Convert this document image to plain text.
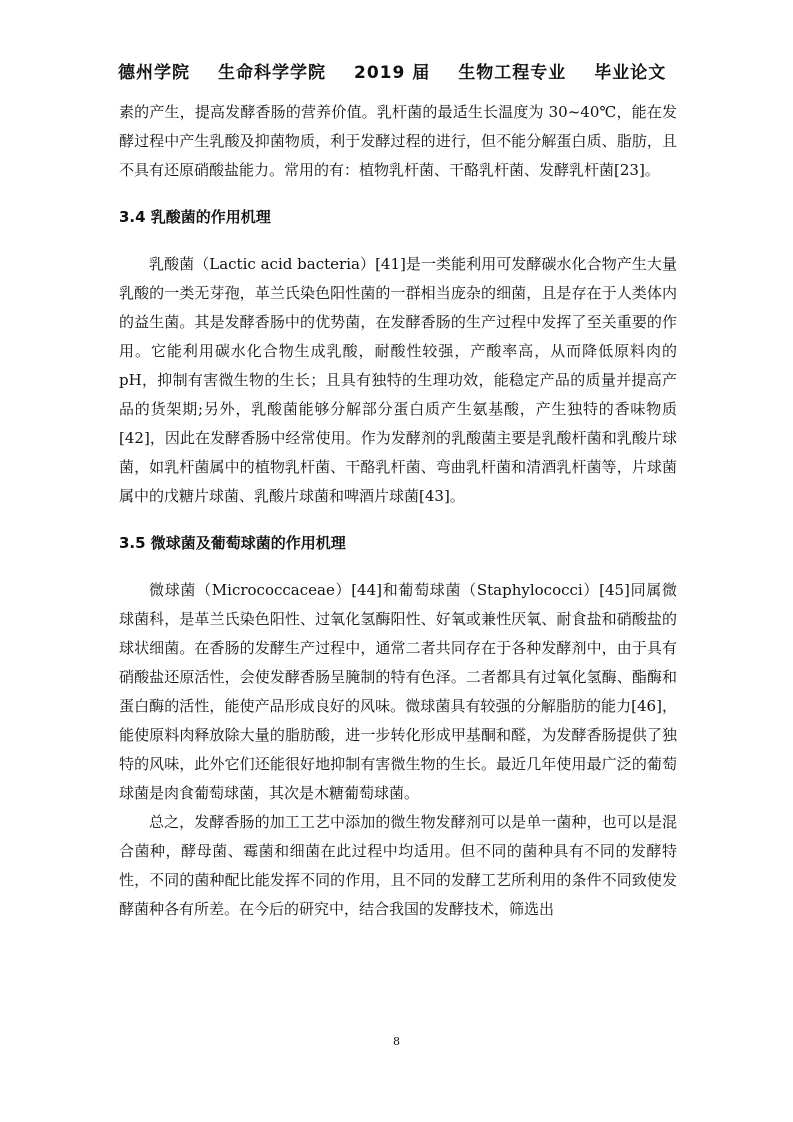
德州学院 生命科学学院 2019 届 生物工程专业 毕业论文

素的产生，提高发酵香肠的营养价值。乳杆菌的最适生长温度为 30~40℃，能在发酵过程中产生乳酸及抑菌物质，利于发酵过程的进行，但不能分解蛋白质、脂肪，且不具有还原硝酸盐能力。常用的有：植物乳杆菌、干酪乳杆菌、发酵乳杆菌[23]。

3.4 乳酸菌的作用机理

乳酸菌（Lactic acid bacteria）[41]是一类能利用可发酵碳水化合物产生大量乳酸的一类无芽孢，革兰氏染色阳性菌的一群相当庞杂的细菌，且是存在于人类体内的益生菌。其是发酵香肠中的优势菌，在发酵香肠的生产过程中发挥了至关重要的作用。它能利用碳水化合物生成乳酸，耐酸性较强，产酸率高，从而降低原料肉的 pH，抑制有害微生物的生长；且具有独特的生理功效，能稳定产品的质量并提高产品的货架期;另外，乳酸菌能够分解部分蛋白质产生氨基酸，产生独特的香味物质[42]，因此在发酵香肠中经常使用。作为发酵剂的乳酸菌主要是乳酸杆菌和乳酸片球菌，如乳杆菌属中的植物乳杆菌、干酪乳杆菌、弯曲乳杆菌和清酒乳杆菌等，片球菌属中的戊糖片球菌、乳酸片球菌和啤酒片球菌[43]。

3.5 微球菌及葡萄球菌的作用机理

微球菌（Micrococcaceae）[44]和葡萄球菌（Staphylococci）[45]同属微球菌科，是革兰氏染色阳性、过氧化氢酶阳性、好氧或兼性厌氧、耐食盐和硝酸盐的球状细菌。在香肠的发酵生产过程中，通常二者共同存在于各种发酵剂中，由于具有硝酸盐还原活性，会使发酵香肠呈腌制的特有色泽。二者都具有过氧化氢酶、酯酶和蛋白酶的活性，能使产品形成良好的风味。微球菌具有较强的分解脂肪的能力[46]，能使原料肉释放除大量的脂肪酸，进一步转化形成甲基酮和醛，为发酵香肠提供了独特的风味，此外它们还能很好地抑制有害微生物的生长。最近几年使用最广泛的葡萄球菌是肉食葡萄球菌，其次是木糖葡萄球菌。

总之，发酵香肠的加工工艺中添加的微生物发酵剂可以是单一菌种，也可以是混合菌种，酵母菌、霉菌和细菌在此过程中均适用。但不同的菌种具有不同的发酵特性，不同的菌种配比能发挥不同的作用，且不同的发酵工艺所利用的条件不同致使发酵菌种各有所差。在今后的研究中，结合我国的发酵技术，筛选出

8
